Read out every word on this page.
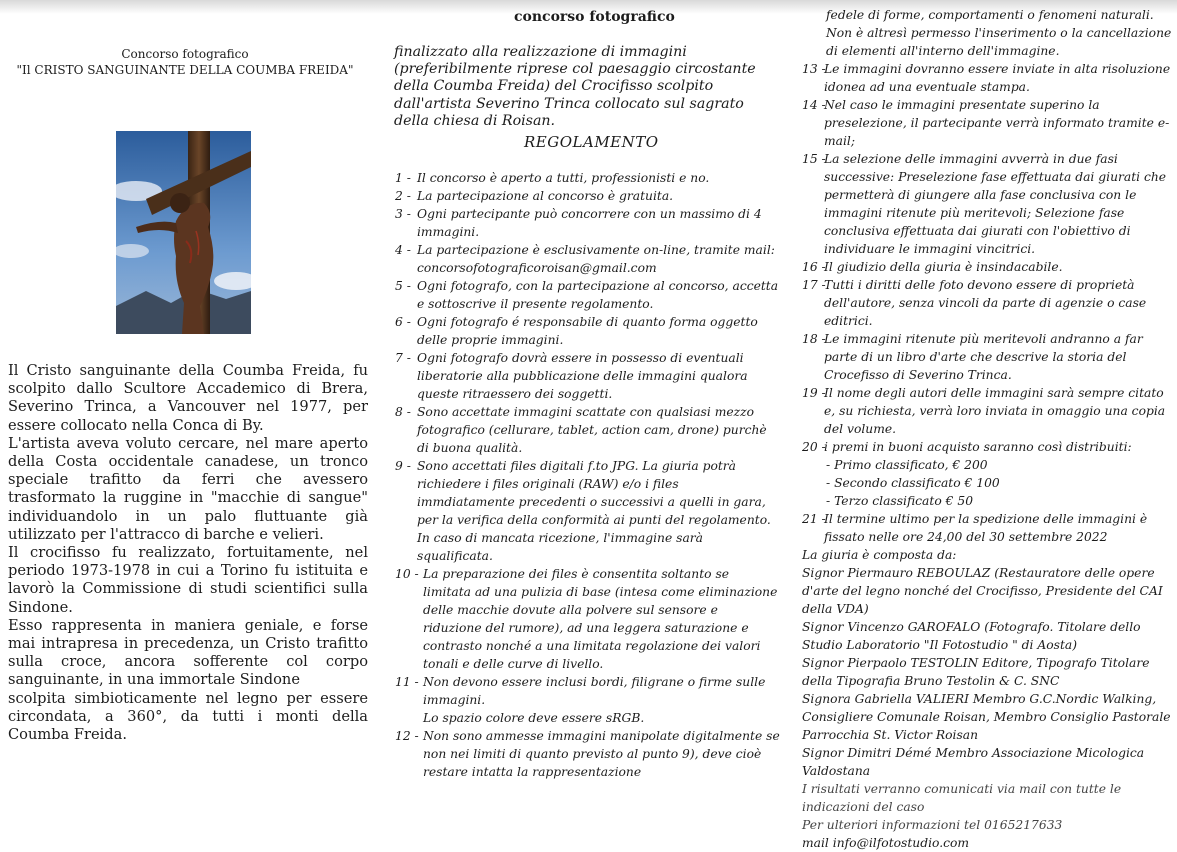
Concorso fotografico
"Il CRISTO SANGUINANTE DELLA COUMBA FREIDA"

Il Cristo sanguinante della Coumba Freida, fu scolpito dallo Scultore Accademico di Brera, Severino Trinca, a Vancouver nel 1977, per essere collocato nella Conca di By.

L'artista aveva voluto cercare, nel mare aperto della Costa occidentale canadese, un tronco speciale trafitto da ferri che avessero trasformato la ruggine in "macchie di sangue" individuandolo in un palo fluttuante già utilizzato per l'attracco di barche e velieri.

Il crocifisso fu realizzato, fortuitamente, nel periodo 1973-1978 in cui a Torino fu istituita e lavorò la Commissione di studi scientifici sulla Sindone.

Esso rappresenta in maniera geniale, e forse mai intrapresa in precedenza, un Cristo trafitto sulla croce, ancora sofferente col corpo sanguinante, in una immortale Sindone

scolpita simbioticamente nel legno per essere circondata, a 360°, da tutti i monti della Coumba Freida.

concorso fotografico
finalizzato alla realizzazione di immagini (preferibilmente riprese col paesaggio circostante della Coumba Freida) del Crocifisso scolpito dall'artista Severino Trinca collocato sul sagrato della chiesa di Roisan.
REGOLAMENTO
1 - Il concorso è aperto a tutti, professionisti e no.
2 - La partecipazione al concorso è gratuita.
3 - Ogni partecipante può concorrere con un massimo di 4 immagini.
4 - La partecipazione è esclusivamente on-line, tramite mail: concorsofotograficoroisan@gmail.com
5 - Ogni fotografo, con la partecipazione al concorso, accetta e sottoscrive il presente regolamento.
6 - Ogni fotografo é responsabile di quanto forma oggetto delle proprie immagini.
7 - Ogni fotografo dovrà essere in possesso di eventuali liberatorie alla pubblicazione delle immagini qualora queste ritraessero dei soggetti.
8 - Sono accettate immagini scattate con qualsiasi mezzo fotografico (cellurare, tablet, action cam, drone) purchè di buona qualità.
9 - Sono accettati files digitali f.to JPG. La giuria potrà richiedere i files originali (RAW) e/o i files immdiatamente precedenti o successivi a quelli in gara, per la verifica della conformità ai punti del regolamento. In caso di mancata ricezione, l'immagine sarà squalificata.
10 - La preparazione dei files è consentita soltanto se limitata ad una pulizia di base (intesa come eliminazione delle macchie dovute alla polvere sul sensore e riduzione del rumore), ad una leggera saturazione e contrasto nonché a una limitata regolazione dei valori tonali e delle curve di livello.
11 - Non devono essere inclusi bordi, filigrane o firme sulle immagini.
Lo spazio colore deve essere sRGB.
12 - Non sono ammesse immagini manipolate digitalmente se non nei limiti di quanto previsto al punto 9), deve cioè restare intatta la rappresentazione
fedele di forme, comportamenti o fenomeni naturali. Non è altresì permesso l'inserimento o la cancellazione di elementi all'interno dell'immagine.
13 -
Le immagini dovranno essere inviate in alta risoluzione idonea ad una eventuale stampa.
14 -
Nel caso le immagini presentate superino la preselezione, il partecipante verrà informato tramite e- mail;
15 -
La selezione delle immagini avverrà in due fasi successive: Preselezione fase effettuata dai giurati che permetterà di giungere alla fase conclusiva con le immagini ritenute più meritevoli; Selezione fase conclusiva effettuata dai giurati con l'obiettivo di individuare le immagini vincitrici.
16 -
Il giudizio della giuria è insindacabile.
17 -
Tutti i diritti delle foto devono essere di proprietà dell'autore, senza vincoli da parte di agenzie o case editrici.
18 -
Le immagini ritenute più meritevoli andranno a far parte di un libro d'arte che descrive la storia del Crocefisso di Severino Trinca.
19 -
Il nome degli autori delle immagini sarà sempre citato e, su richiesta, verrà loro inviata in omaggio una copia del volume.
20 -
i premi in buoni acquisto saranno così distribuiti:
- Primo classificato, € 200
- Secondo classificato € 100
- Terzo classificato € 50
21 -
Il termine ultimo per la spedizione delle immagini è fissato nelle ore 24,00 del 30 settembre 2022
La giuria è composta da:
Signor Piermauro REBOULAZ (Restauratore delle opere d'arte del legno nonché del Crocifisso, Presidente del CAI della VDA)
Signor Vincenzo GAROFALO (Fotografo. Titolare dello Studio Laboratorio "Il Fotostudio " di Aosta)
Signor Pierpaolo TESTOLIN Editore, Tipografo Titolare della Tipografia Bruno Testolin & C. SNC
Signora Gabriella VALIERI Membro G.C.Nordic Walking, Consigliere Comunale Roisan, Membro Consiglio Pastorale Parrocchia St. Victor Roisan
Signor Dimitri Démé Membro Associazione Micologica Valdostana
I risultati verranno comunicati via mail con tutte le indicazioni del caso
Per ulteriori informazioni tel 0165217633
mail info@ilfotostudio.com
